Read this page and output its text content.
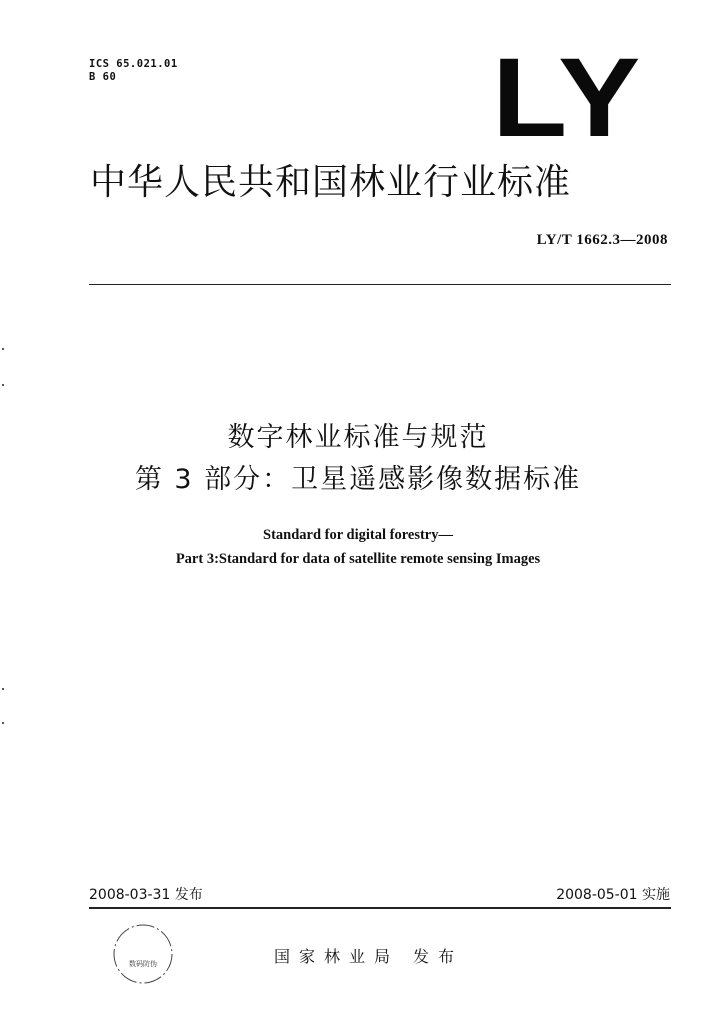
ICS 65.021.01
B 60	LY
中华人民共和国林业行业标准
LY/T 1662.3—2008
数字林业标准与规范
第 3 部分：卫星遥感影像数据标准
Standard for digital forestry—
Part 3:Standard for data of satellite remote sensing Images
2008-03-31 发布	2008-05-01 实施
数码防伪	国家林业局 发布
